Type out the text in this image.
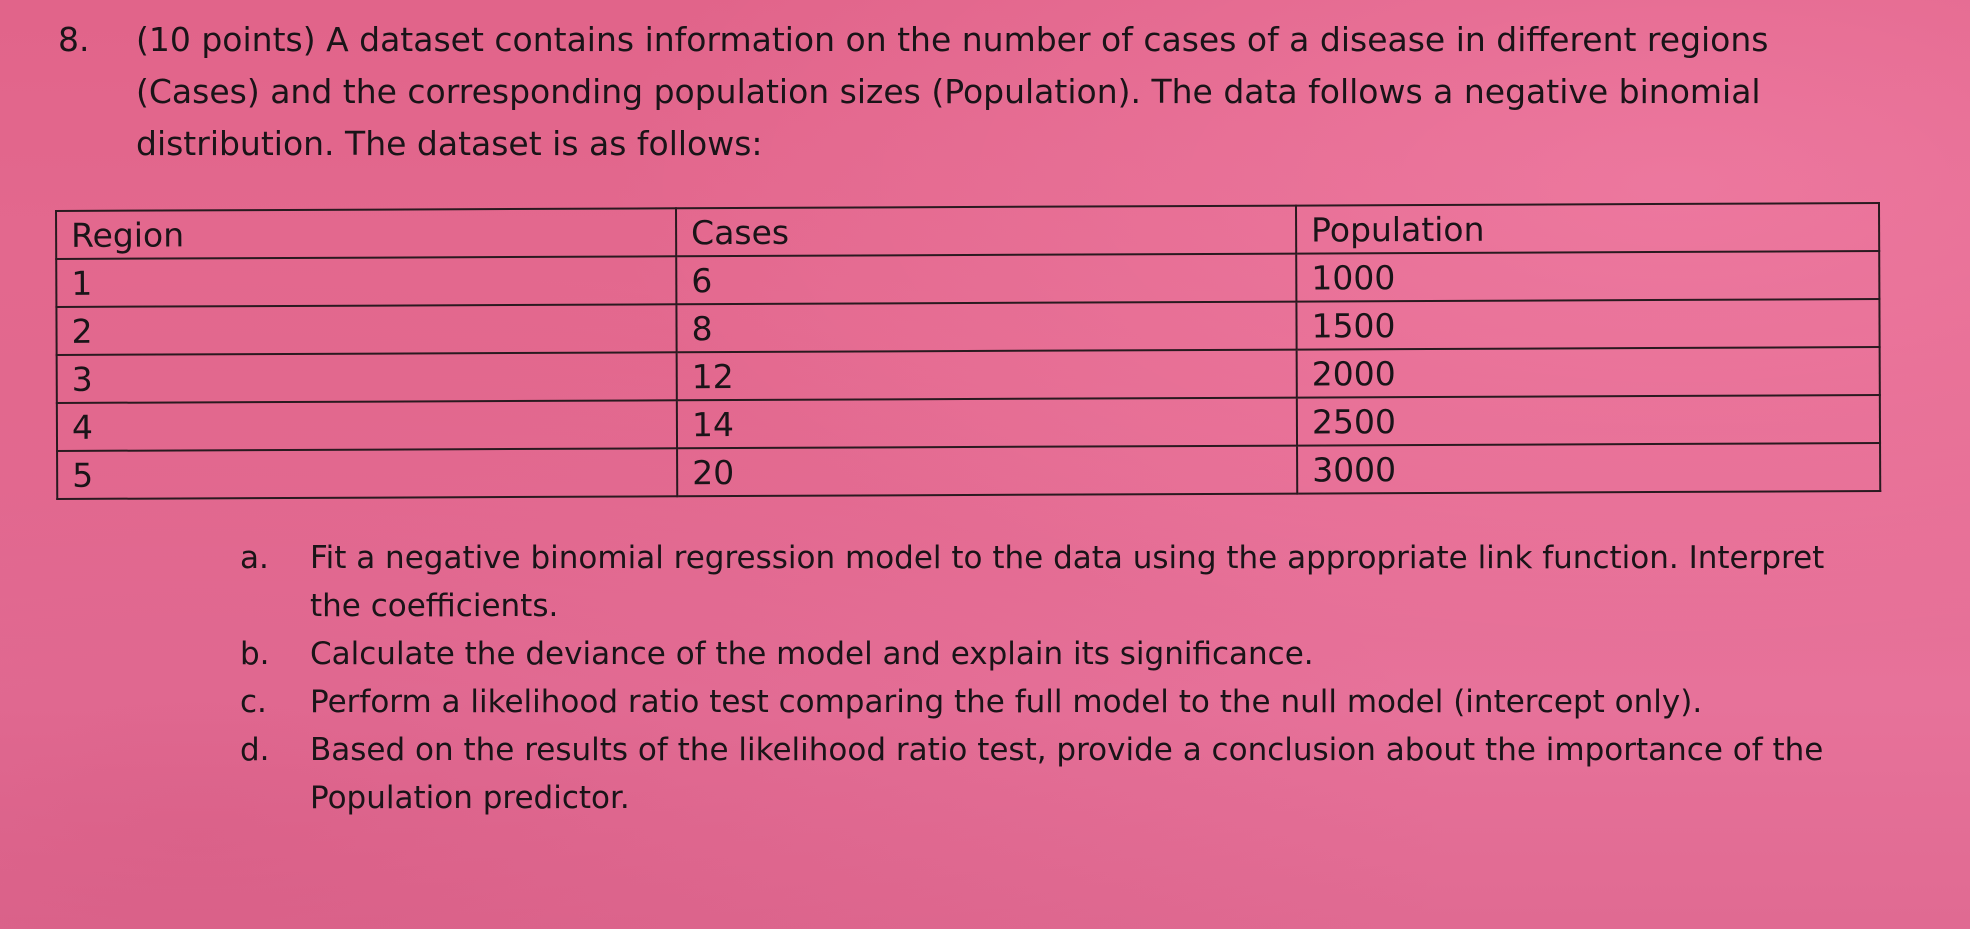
8. (10 points) A dataset contains information on the number of cases of a disease in different regions (Cases) and the corresponding population sizes (Population). The data follows a negative binomial distribution. The dataset is as follows:
Region	Cases	Population
1	6	1000
2	8	1500
3	12	2000
4	14	2500
5	20	3000
a.	Fit a negative binomial regression model to the data using the appropriate link function. Interpret the coefficients.
b.	Calculate the deviance of the model and explain its significance.
c.	Perform a likelihood ratio test comparing the full model to the null model (intercept only).
d.	Based on the results of the likelihood ratio test, provide a conclusion about the importance of the Population predictor.
